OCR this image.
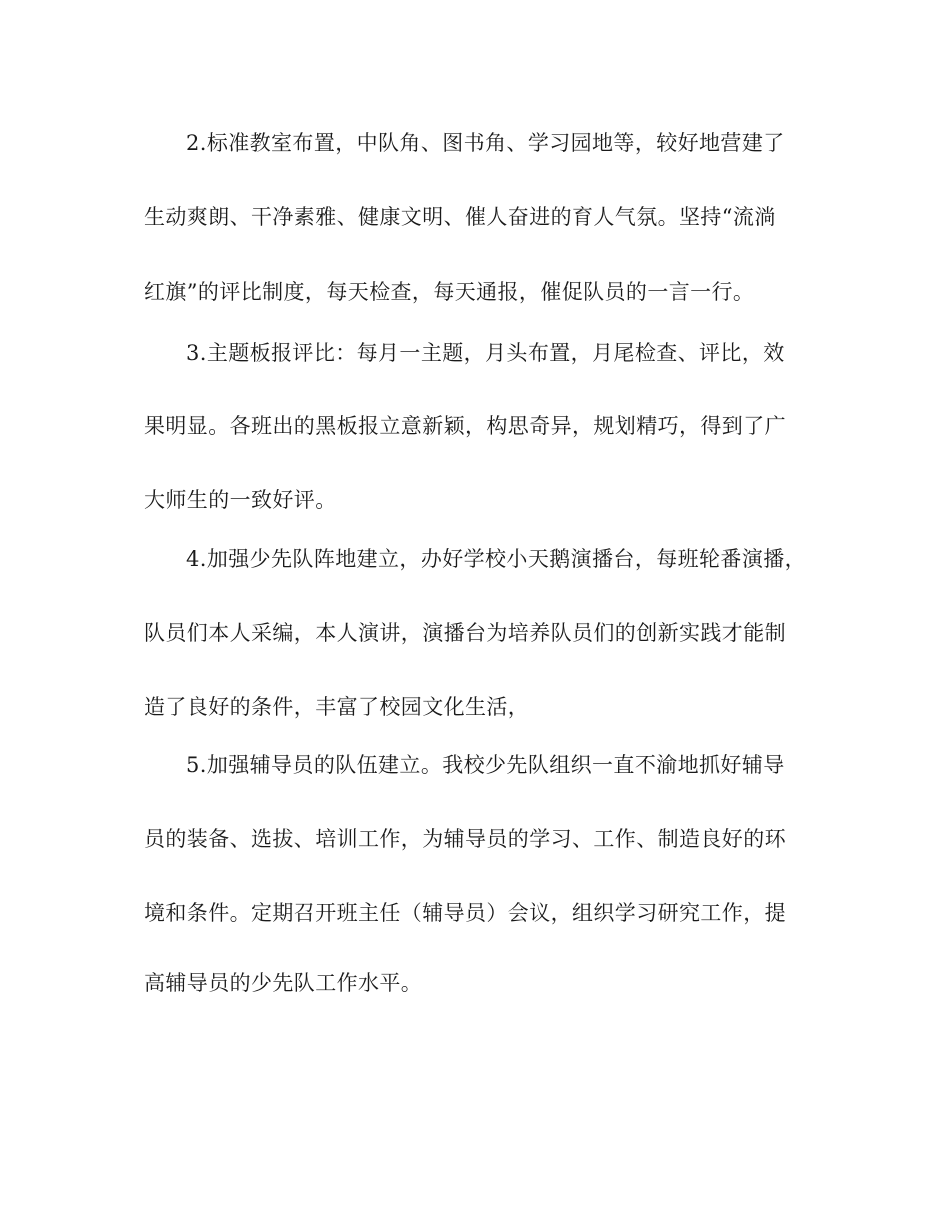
2.标准教室布置，中队角、图书角、学习园地等，较好地营建了
生动爽朗、干净素雅、健康文明、催人奋进的育人气氛。坚持“流淌
红旗”的评比制度，每天检查，每天通报，催促队员的一言一行。
3.主题板报评比：每月一主题，月头布置，月尾检查、评比，效
果明显。各班出的黑板报立意新颖，构思奇异，规划精巧，得到了广
大师生的一致好评。
4.加强少先队阵地建立，办好学校小天鹅演播台，每班轮番演播，
队员们本人采编，本人演讲，演播台为培养队员们的创新实践才能制
造了良好的条件，丰富了校园文化生活，
5.加强辅导员的队伍建立。我校少先队组织一直不渝地抓好辅导
员的装备、选拔、培训工作，为辅导员的学习、工作、制造良好的环
境和条件。定期召开班主任（辅导员）会议，组织学习研究工作，提
高辅导员的少先队工作水平。
